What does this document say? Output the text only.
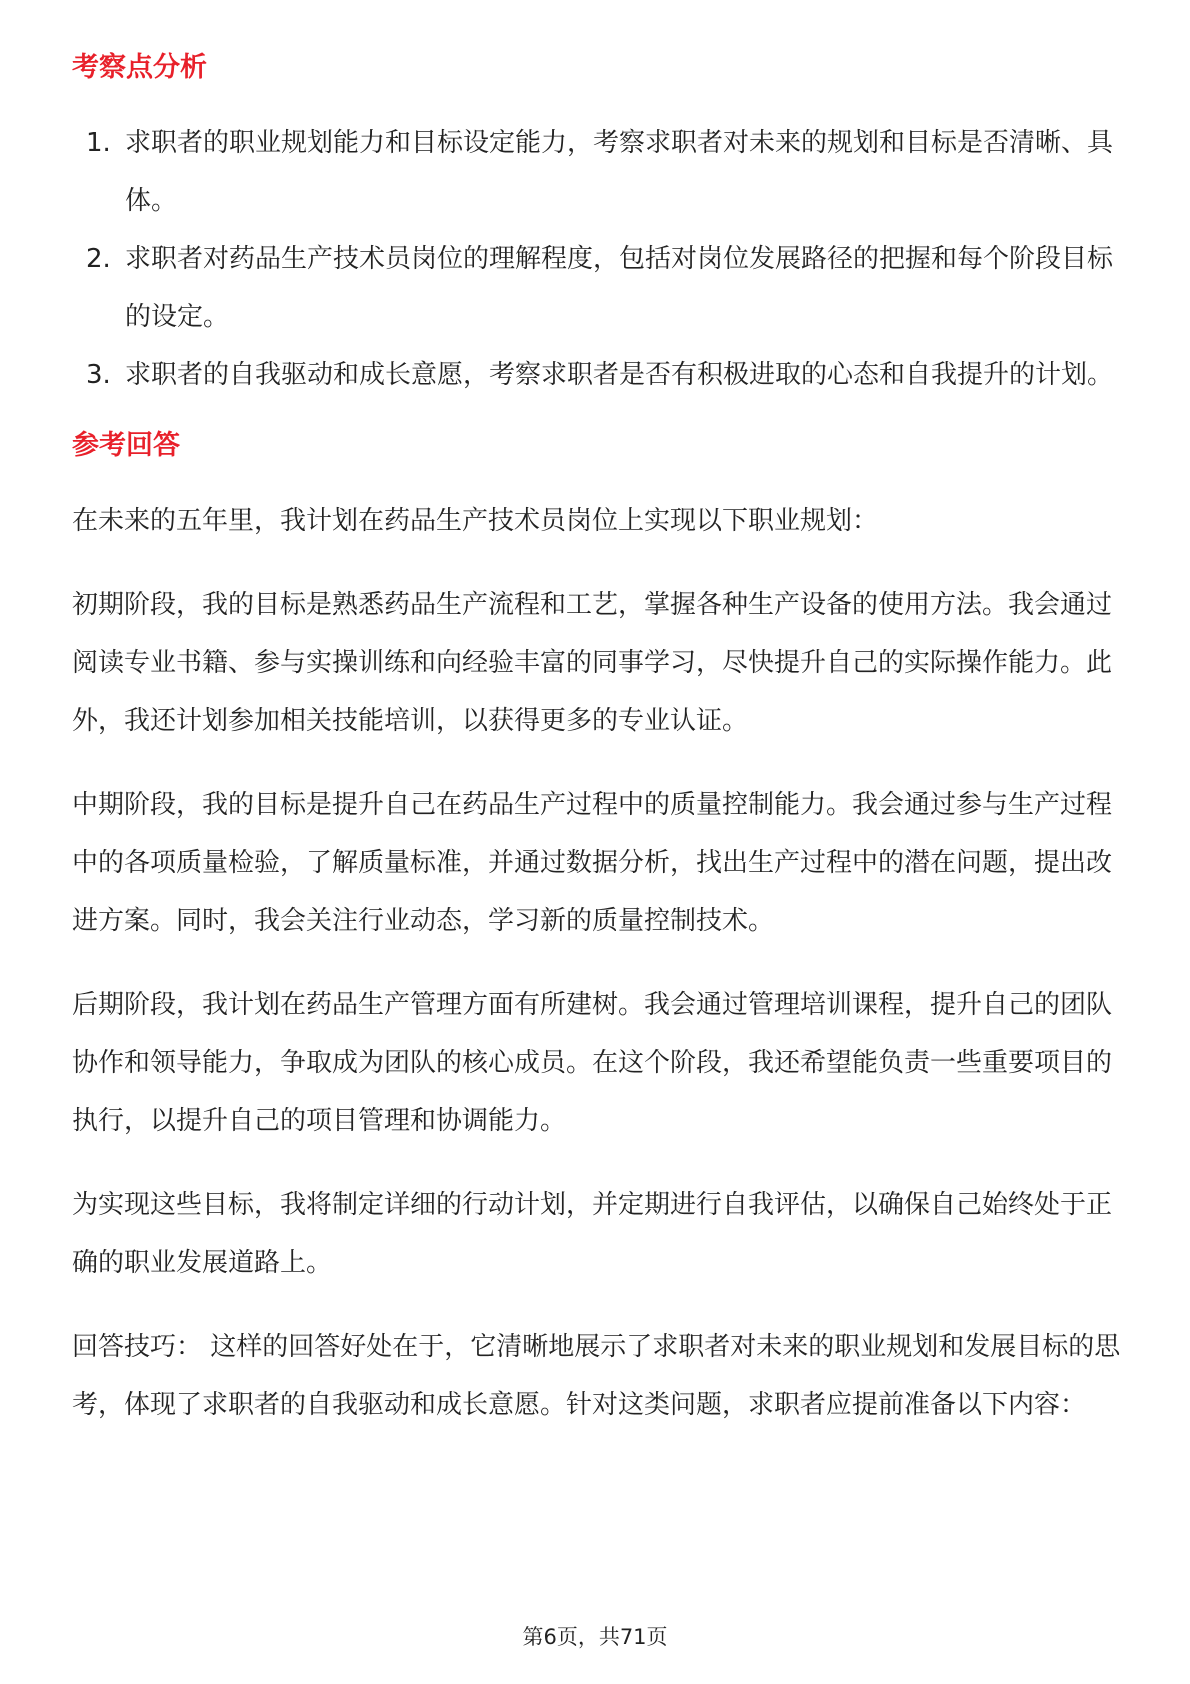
考察点分析
1. 求职者的职业规划能力和目标设定能力，考察求职者对未来的规划和目标是否清晰、具体。
2. 求职者对药品生产技术员岗位的理解程度，包括对岗位发展路径的把握和每个阶段目标的设定。
3. 求职者的自我驱动和成长意愿，考察求职者是否有积极进取的心态和自我提升的计划。
参考回答

在未来的五年里，我计划在药品生产技术员岗位上实现以下职业规划：

初期阶段，我的目标是熟悉药品生产流程和工艺，掌握各种生产设备的使用方法。我会通过阅读专业书籍、参与实操训练和向经验丰富的同事学习，尽快提升自己的实际操作能力。此外，我还计划参加相关技能培训，以获得更多的专业认证。

中期阶段，我的目标是提升自己在药品生产过程中的质量控制能力。我会通过参与生产过程中的各项质量检验，了解质量标准，并通过数据分析，找出生产过程中的潜在问题，提出改进方案。同时，我会关注行业动态，学习新的质量控制技术。

后期阶段，我计划在药品生产管理方面有所建树。我会通过管理培训课程，提升自己的团队协作和领导能力，争取成为团队的核心成员。在这个阶段，我还希望能负责一些重要项目的执行，以提升自己的项目管理和协调能力。

为实现这些目标，我将制定详细的行动计划，并定期进行自我评估，以确保自己始终处于正确的职业发展道路上。

回答技巧： 这样的回答好处在于，它清晰地展示了求职者对未来的职业规划和发展目标的思考，体现了求职者的自我驱动和成长意愿。针对这类问题，求职者应提前准备以下内容：

第6页，共71页
